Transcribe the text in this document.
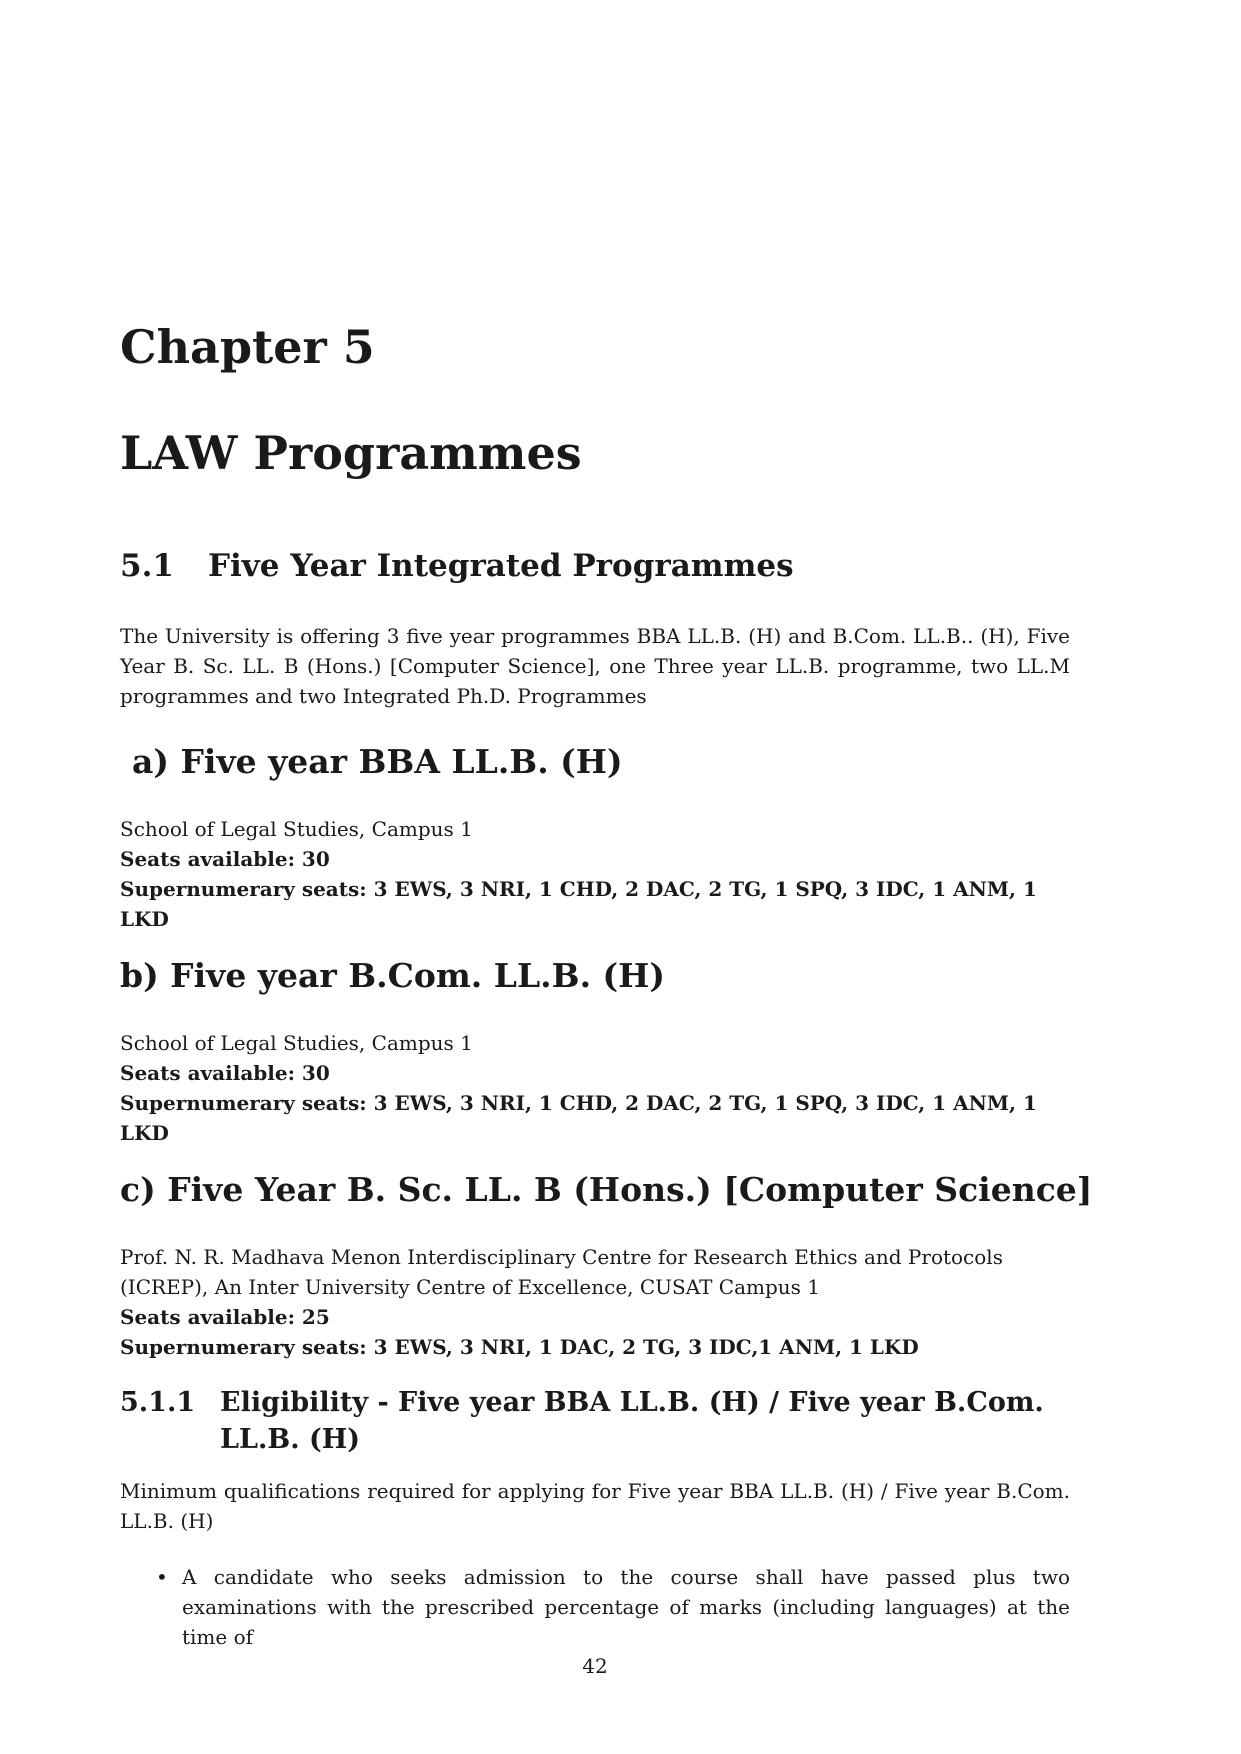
Chapter 5
LAW Programmes
5.1 Five Year Integrated Programmes

The University is offering 3 five year programmes BBA LL.B. (H) and B.Com. LL.B.. (H), Five Year B. Sc. LL. B (Hons.) [Computer Science], one Three year LL.B. programme, two LL.M programmes and two Integrated Ph.D. Programmes

a) Five year BBA LL.B. (H)
School of Legal Studies, Campus 1
Seats available: 30
Supernumerary seats: 3 EWS, 3 NRI, 1 CHD, 2 DAC, 2 TG, 1 SPQ, 3 IDC, 1 ANM, 1 LKD
b) Five year B.Com. LL.B. (H)
School of Legal Studies, Campus 1
Seats available: 30
Supernumerary seats: 3 EWS, 3 NRI, 1 CHD, 2 DAC, 2 TG, 1 SPQ, 3 IDC, 1 ANM, 1 LKD
c) Five Year B. Sc. LL. B (Hons.) [Computer Science]
Prof. N. R. Madhava Menon Interdisciplinary Centre for Research Ethics and Protocols (ICREP), An Inter University Centre of Excellence, CUSAT Campus 1
Seats available: 25
Supernumerary seats: 3 EWS, 3 NRI, 1 DAC, 2 TG, 3 IDC,1 ANM, 1 LKD
5.1.1 Eligibility - Five year BBA LL.B. (H) / Five year B.Com. LL.B. (H)

Minimum qualifications required for applying for Five year BBA LL.B. (H) / Five year B.Com. LL.B. (H)

• A candidate who seeks admission to the course shall have passed plus two examinations with the prescribed percentage of marks (including languages) at the time of
42
